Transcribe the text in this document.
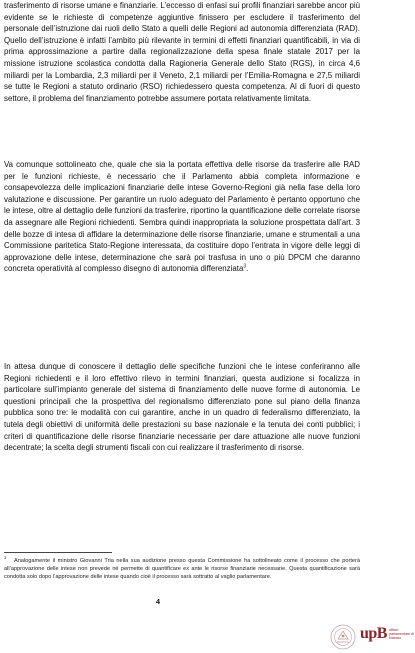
trasferimento di risorse umane e finanziarie. L’eccesso di enfasi sui profili finanziari sarebbe ancor più evidente se le richieste di competenze aggiuntive finissero per escludere il trasferimento del personale dell’istruzione dai ruoli dello Stato a quelli delle Regioni ad autonomia differenziata (RAD). Quello dell’istruzione è infatti l’ambito più rilevante in termini di effetti finanziari quantificabili, in via di prima approssimazione a partire dalla regionalizzazione della spesa finale statale 2017 per la missione istruzione scolastica condotta dalla Ragioneria Generale dello Stato (RGS), in circa 4,6 miliardi per la Lombardia, 2,3 miliardi per il Veneto, 2,1 miliardi per l’Emilia-Romagna e 27,5 miliardi se tutte le Regioni a statuto ordinario (RSO) richiedessero questa competenza. Al di fuori di questo settore, il problema del finanziamento potrebbe assumere portata relativamente limitata.

Va comunque sottolineato che, quale che sia la portata effettiva delle risorse da trasferire alle RAD per le funzioni richieste, è necessario che il Parlamento abbia completa informazione e consapevolezza delle implicazioni finanziarie delle intese Governo-Regioni già nella fase della loro valutazione e discussione. Per garantire un ruolo adeguato del Parlamento è pertanto opportuno che le intese, oltre al dettaglio delle funzioni da trasferire, riportino la quantificazione delle correlate risorse da assegnare alle Regioni richiedenti. Sembra quindi inappropriata la soluzione prospettata dall’art. 3 delle bozze di intesa di affidare la determinazione delle risorse finanziarie, umane e strumentali a una Commissione paritetica Stato-Regione interessata, da costituire dopo l’entrata in vigore delle leggi di approvazione delle intese, determinazione che sarà poi trasfusa in uno o più DPCM che daranno concreta operatività al complesso disegno di autonomia differenziata$^3$.

In attesa dunque di conoscere il dettaglio delle specifiche funzioni che le intese conferiranno alle Regioni richiedenti e il loro effettivo rilevo in termini finanziari, questa audizione si focalizza in particolare sull’impianto generale del sistema di finanziamento delle nuove forme di autonomia. Le questioni principali che la prospettiva del regionalismo differenziato pone sul piano della finanza pubblica sono tre: le modalità con cui garantire, anche in un quadro di federalismo differenziato, la tutela degli obiettivi di uniformità delle prestazioni su base nazionale e la tenuta dei conti pubblici; i criteri di quantificazione delle risorse finanziarie necessarie per dare attuazione alle nuove funzioni decentrate; la scelta degli strumenti fiscali con cui realizzare il trasferimento di risorse.

$^3$   Analogamente il ministro Giovanni Tria nella sua audizione presso questa Commissione ha sottolineato come il processo che porterà all’approvazione delle intese non prevede né permette di quantificare ex ante le risorse finanziarie necessarie. Questa quantificazione sarà condotta solo dopo l’approvazione delle intese quando cioè il processo sarà sottratto al vaglio parlamentare.

4
upB ufficio parlamentare di bilancio
